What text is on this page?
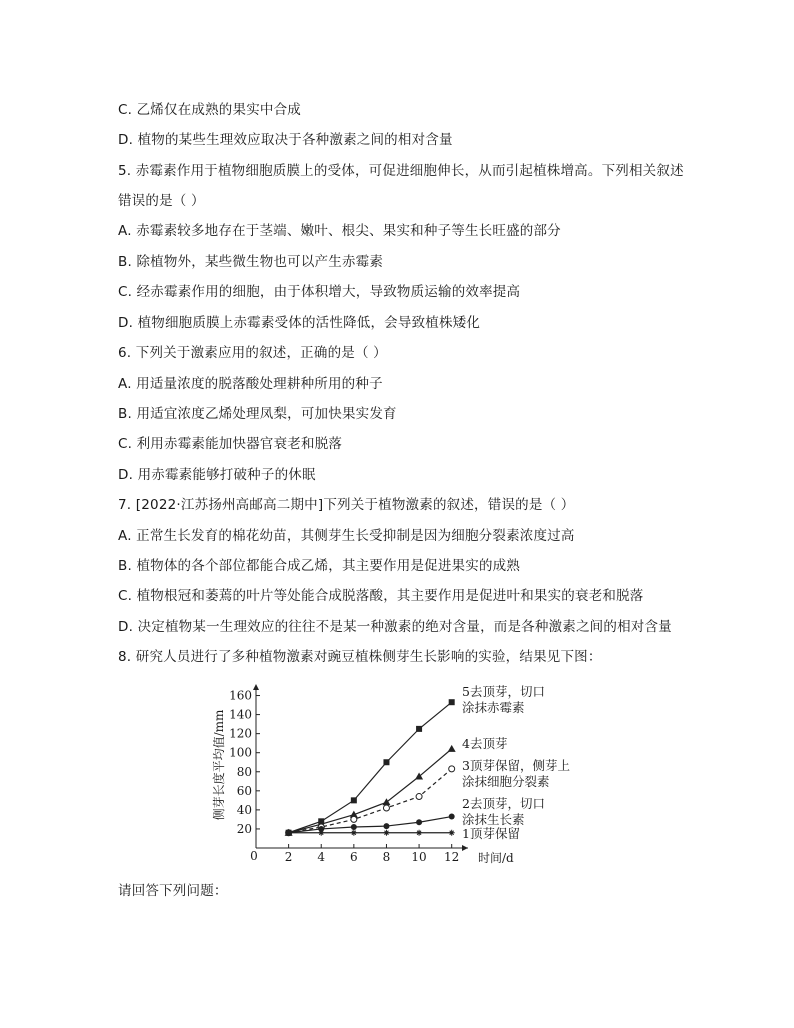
C. 乙烯仅在成熟的果实中合成
D. 植物的某些生理效应取决于各种激素之间的相对含量
5. 赤霉素作用于植物细胞质膜上的受体，可促进细胞伸长，从而引起植株增高。下列相关叙述
错误的是（ ）
A. 赤霉素较多地存在于茎端、嫩叶、根尖、果实和种子等生长旺盛的部分
B. 除植物外，某些微生物也可以产生赤霉素
C. 经赤霉素作用的细胞，由于体积增大，导致物质运输的效率提高
D. 植物细胞质膜上赤霉素受体的活性降低，会导致植株矮化
6. 下列关于激素应用的叙述，正确的是（ ）
A. 用适量浓度的脱落酸处理耕种所用的种子
B. 用适宜浓度乙烯处理凤梨，可加快果实发育
C. 利用赤霉素能加快器官衰老和脱落
D. 用赤霉素能够打破种子的休眠
7. [2022·江苏扬州高邮高二期中]下列关于植物激素的叙述，错误的是（ ）
A. 正常生长发育的棉花幼苗，其侧芽生长受抑制是因为细胞分裂素浓度过高
B. 植物体的各个部位都能合成乙烯，其主要作用是促进果实的成熟
C. 植物根冠和萎蔫的叶片等处能合成脱落酸，其主要作用是促进叶和果实的衰老和脱落
D. 决定植物某一生理效应的往往不是某一种激素的绝对含量，而是各种激素之间的相对含量
8. 研究人员进行了多种植物激素对豌豆植株侧芽生长影响的实验，结果见下图：
20
40
60
80
100
120
140
160
2 4 6 8 10 12
5去顶芽，切口
涂抹赤霉素
4去顶芽
3顶芽保留，侧芽上
涂抹细胞分裂素
2去顶芽，切口
涂抹生长素
1顶芽保留
侧芽长度平均值/mm
时间/d
0
请回答下列问题：
